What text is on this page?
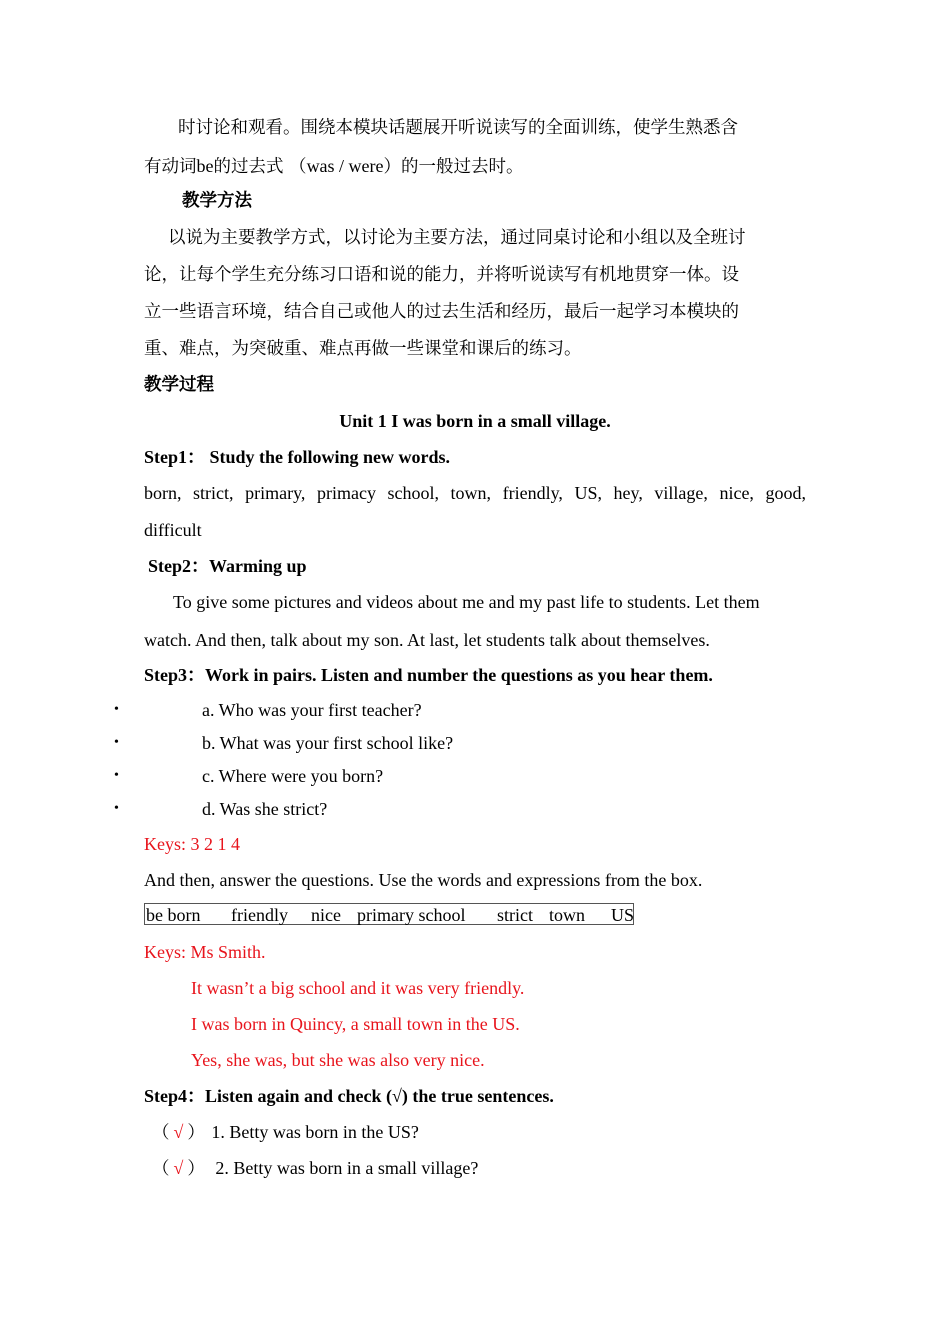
时讨论和观看。围绕本模块话题展开听说读写的全面训练，使学生熟悉含
有动词be的过去式 （was / were）的一般过去时。
教学方法
以说为主要教学方式，以讨论为主要方法，通过同桌讨论和小组以及全班讨
论，让每个学生充分练习口语和说的能力，并将听说读写有机地贯穿一体。设
立一些语言环境，结合自己或他人的过去生活和经历，最后一起学习本模块的
重、难点，为突破重、难点再做一些课堂和课后的练习。
教学过程
Unit 1 I was born in a small village.
Step1： Study the following new words.
born, strict, primary, primacy school, town, friendly, US, hey, village, nice, good,
difficult
Step2：Warming up
To give some pictures and videos about me and my past life to students. Let them
watch. And then, talk about my son. At last, let students talk about themselves.
Step3：Work in pairs. Listen and number the questions as you hear them.
•	a. Who was your first teacher?
•	b. What was your first school like?
•	c. Where were you born?
•	d. Was she strict?
Keys: 3 2 1 4
And then, answer the questions. Use the words and expressions from the box.
be born friendly nice primary school strict town US
Keys: Ms Smith.
It wasn’t a big school and it was very friendly.
I was born in Quincy, a small town in the US.
Yes, she was, but she was also very nice.
Step4：Listen again and check (√) the true sentences.
（ √ ） 1. Betty was born in the US?
（ √ ） 2. Betty was born in a small village?
